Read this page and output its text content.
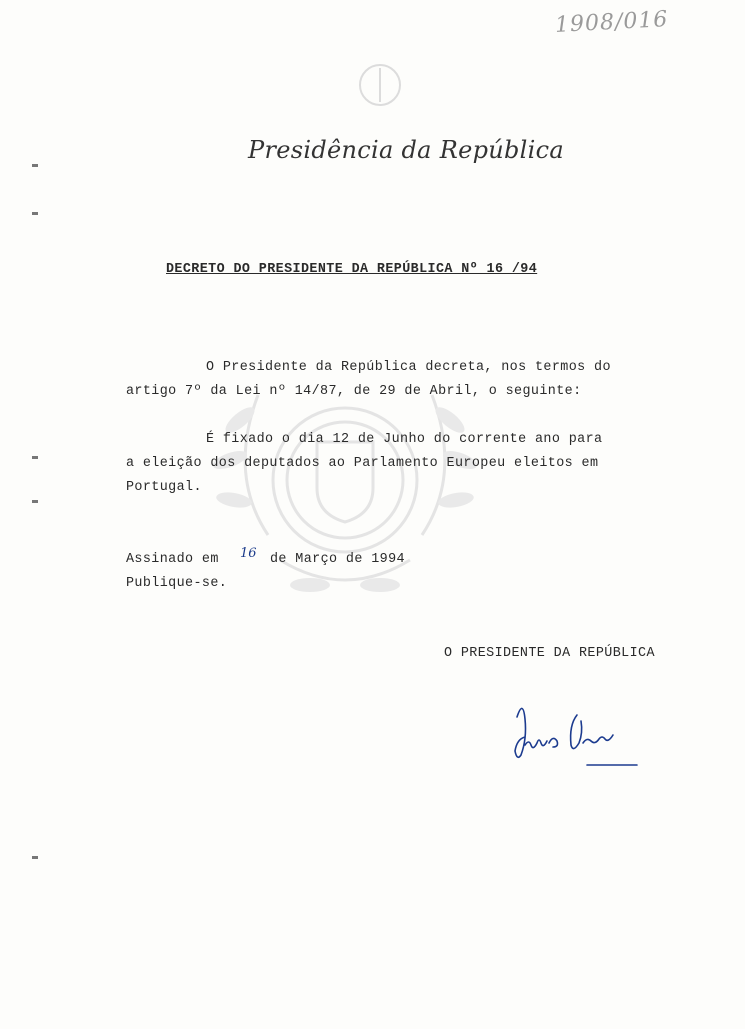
1908/016
Presidência da República
DECRETO DO PRESIDENTE DA REPÚBLICA Nº 16 /94
O Presidente da República decreta, nos termos do
artigo 7º da Lei nº 14/87, de 29 de Abril, o seguinte:
É fixado o dia 12 de Junho do corrente ano para
a eleição dos deputados ao Parlamento Europeu eleitos em
Portugal.
Assinado em 16 de Março de 1994
Publique-se.
O PRESIDENTE DA REPÚBLICA
